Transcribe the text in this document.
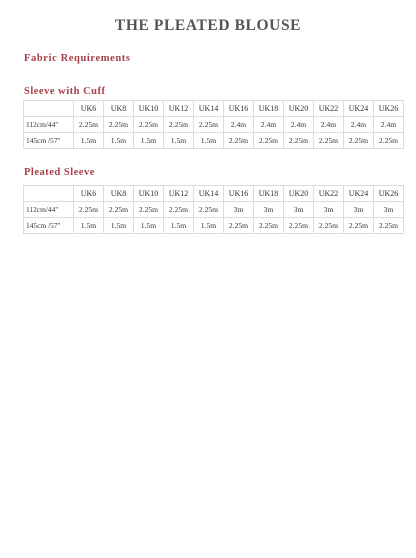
THE PLEATED BLOUSE
Fabric Requirements
Sleeve with Cuff
	UK6	UK8	UK10	UK12	UK14	UK16	UK18	UK20	UK22	UK24	UK26
112cm/44"	2.25m	2.25m	2.25m	2.25m	2.25m	2.4m	2.4m	2.4m	2.4m	2.4m	2.4m
145cm /57"	1.5m	1.5m	1.5m	1.5m	1.5m	2.25m	2.25m	2.25m	2.25m	2.25m	2.25m
Pleated Sleeve
	UK6	UK8	UK10	UK12	UK14	UK16	UK18	UK20	UK22	UK24	UK26
112cm/44"	2.25m	2.25m	2.25m	2.25m	2.25m	3m	3m	3m	3m	3m	3m
145cm /57"	1.5m	1.5m	1.5m	1.5m	1.5m	2.25m	2.25m	2.25m	2.25m	2.25m	2.25m
